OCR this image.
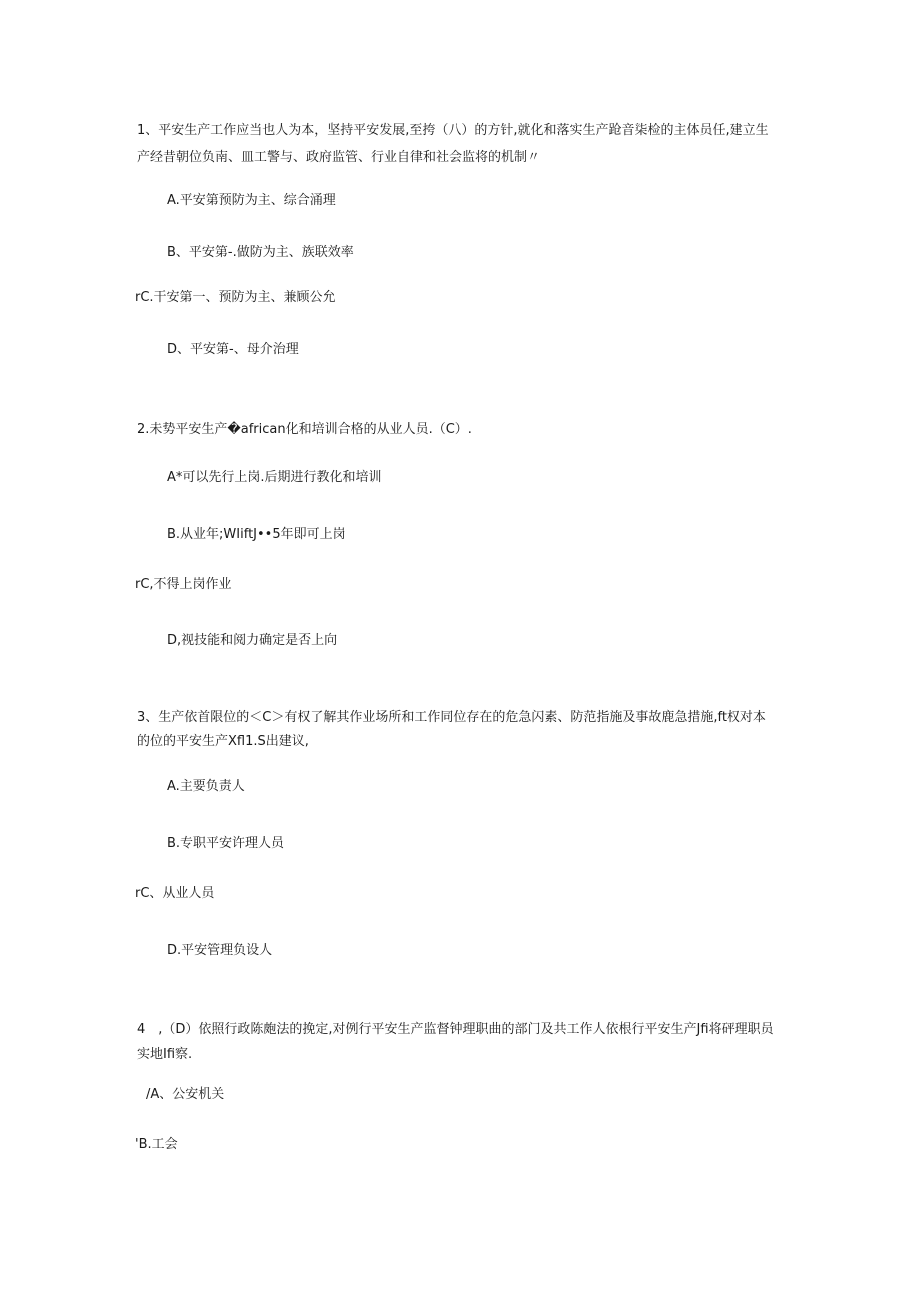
1、平安生产工作应当也人为本，坚持平安发展,至挎（八）的方针,就化和落实生产跄音柒检的主体员任,建立生
产经昔朝位负南、皿工警与、政府监管、行业自律和社会监将的机制〃
A.平安第预防为主、综合涌理
B、平安第-.做防为主、族联效率
rC.干安第一、预防为主、兼顾公允
D、平安第-、母介治理
2.未势平安生产�african化和培训合格的从业人员.（C）.
A*可以先行上岗.后期进行教化和培训
B.从业年;WIiftJ••5年即可上岗
rC,不得上岗作业
D,视技能和阅力确定是否上向
3、生产依首限位的＜C＞有权了解其作业场所和工作同位存在的危急闪素、防范指施及事故鹿急措施,ft权对本
的位的平安生产Xfl1.S出建议,
A.主要负责人
B.专职平安许理人员
rC、从业人员
D.平安管理负设人
4　,（D）依照行政陈皰法的挽定,对例行平安生产监督钟理职曲的部门及共工作人依根行平安生产Jfi将砰理职员
实地Ifi察.
/A、公安机关
'B.工会
